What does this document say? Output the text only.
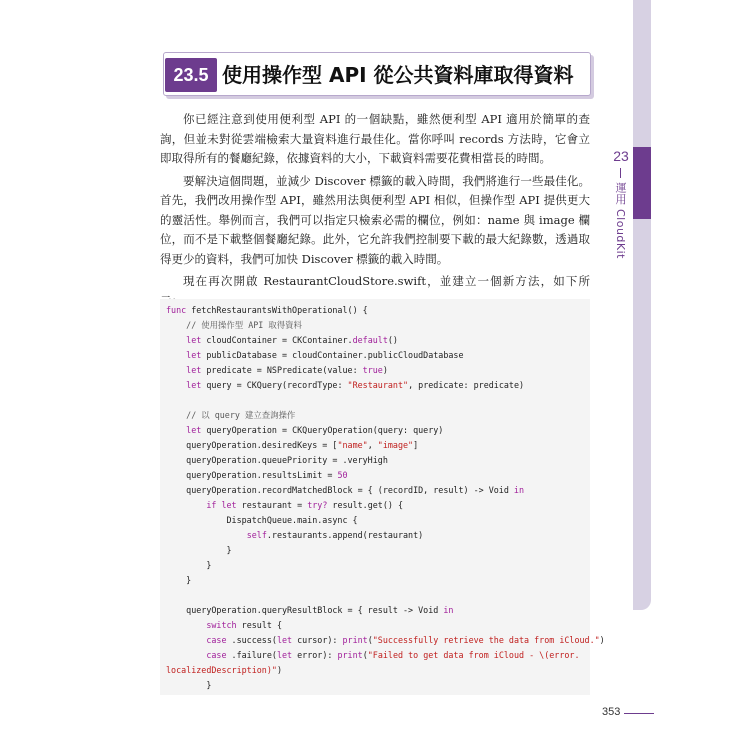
23
運用 CloudKit
23.5 使用操作型 API 從公共資料庫取得資料

你已經注意到使用便利型 API 的一個缺點，雖然便利型 API 適用於簡單的查詢，但並未對從雲端檢索大量資料進行最佳化。當你呼叫 records 方法時，它會立即取得所有的餐廳紀錄，依據資料的大小，下載資料需要花費相當長的時間。

要解決這個問題，並減少 Discover 標籤的載入時間，我們將進行一些最佳化。首先，我們改用操作型 API，雖然用法與便利型 API 相似，但操作型 API 提供更大的靈活性。舉例而言，我們可以指定只檢索必需的欄位，例如：name 與 image 欄位，而不是下載整個餐廳紀錄。此外，它允許我們控制要下載的最大紀錄數，透過取得更少的資料，我們可加快 Discover 標籤的載入時間。

現在再次開啟 RestaurantCloudStore.swift，並建立一個新方法，如下所

func fetchRestaurantsWithOperational() {
// 使用操作型 API 取得資料
let cloudContainer = CKContainer.default()
let publicDatabase = cloudContainer.publicCloudDatabase
let predicate = NSPredicate(value: true)
let query = CKQuery(recordType: "Restaurant", predicate: predicate)
// 以 query 建立查詢操作
let queryOperation = CKQueryOperation(query: query)
queryOperation.desiredKeys = ["name", "image"]
queryOperation.queuePriority = .veryHigh
queryOperation.resultsLimit = 50
queryOperation.recordMatchedBlock = { (recordID, result) -> Void in
if let restaurant = try? result.get() {
DispatchQueue.main.async {
self.restaurants.append(restaurant)
}
}
}
queryOperation.queryResultBlock = { result -> Void in
switch result {
case .success(let cursor): print("Successfully retrieve the data from iCloud.")
case .failure(let error): print("Failed to get data from iCloud - \(error.
localizedDescription)")
}
353
